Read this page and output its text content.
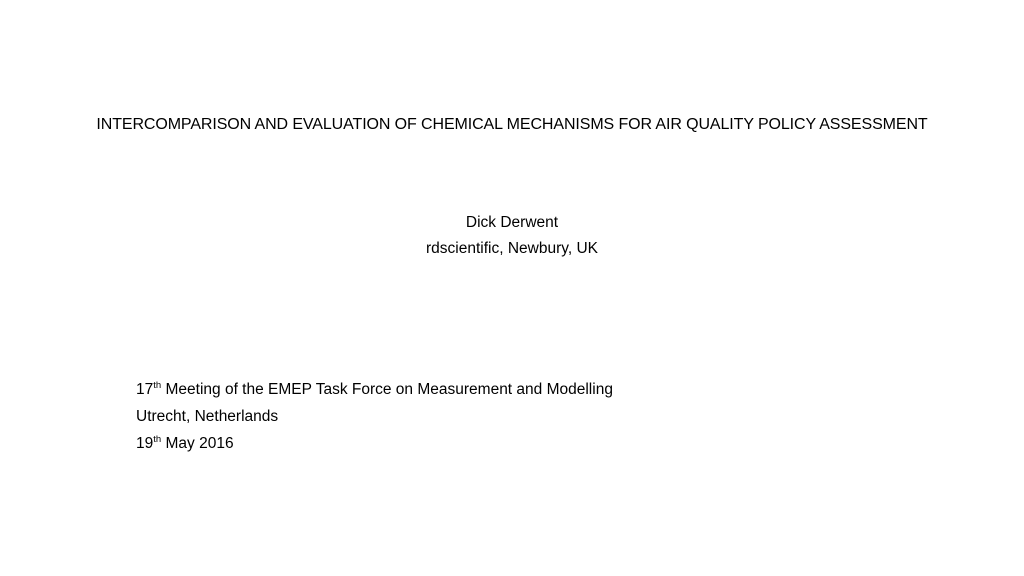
INTERCOMPARISON AND EVALUATION OF CHEMICAL MECHANISMS FOR AIR QUALITY POLICY ASSESSMENT
Dick Derwent
rdscientific, Newbury, UK
17th Meeting of the EMEP Task Force on Measurement and Modelling
Utrecht, Netherlands
19th May 2016
